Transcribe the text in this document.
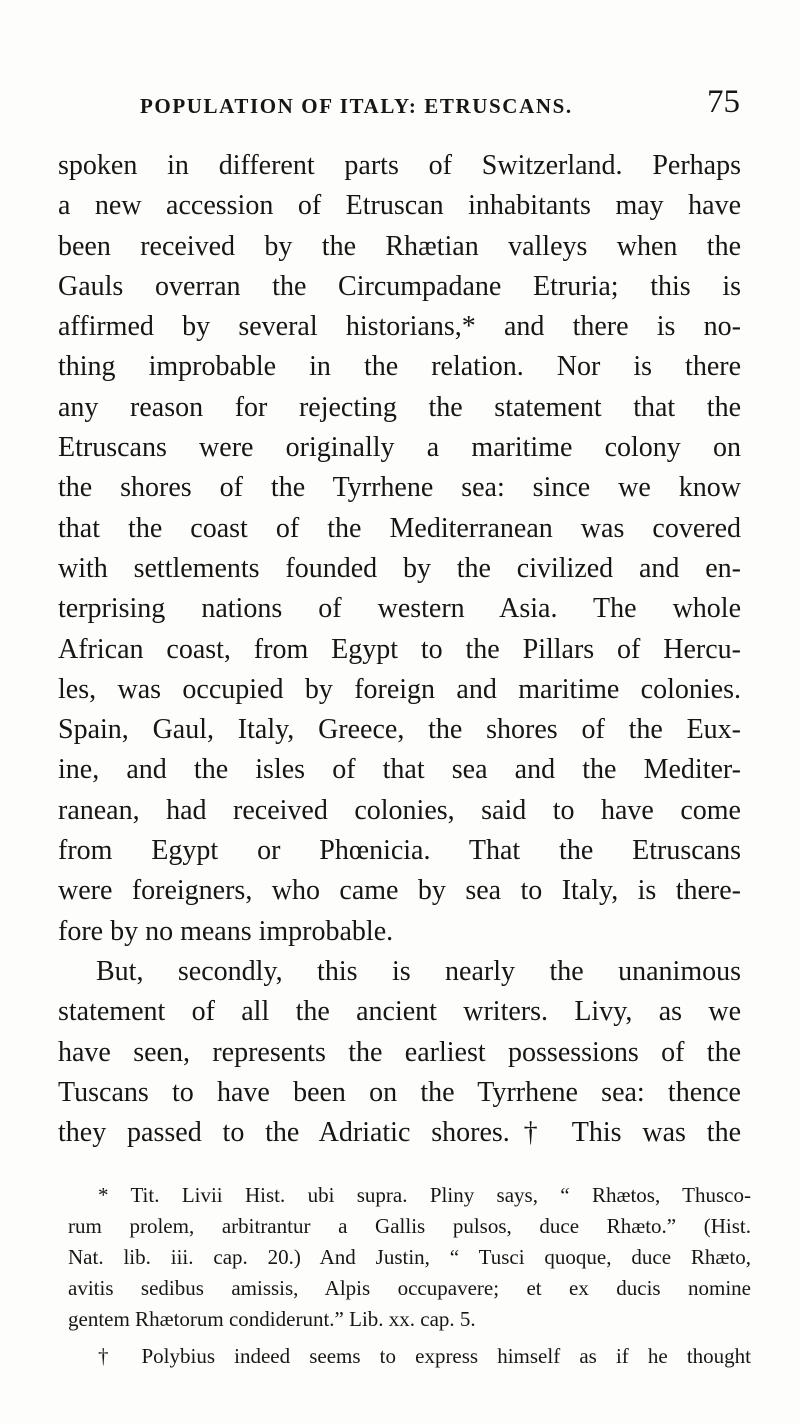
POPULATION OF ITALY: ETRUSCANS.	75
spoken in different parts of Switzerland. Perhaps
a new accession of Etruscan inhabitants may have
been received by the Rhætian valleys when the
Gauls overran the Circumpadane Etruria; this is
affirmed by several historians,* and there is no-
thing improbable in the relation. Nor is there
any reason for rejecting the statement that the
Etruscans were originally a maritime colony on
the shores of the Tyrrhene sea: since we know
that the coast of the Mediterranean was covered
with settlements founded by the civilized and en-
terprising nations of western Asia. The whole
African coast, from Egypt to the Pillars of Hercu-
les, was occupied by foreign and maritime colonies.
Spain, Gaul, Italy, Greece, the shores of the Eux-
ine, and the isles of that sea and the Mediter-
ranean, had received colonies, said to have come
from Egypt or Phœnicia. That the Etruscans
were foreigners, who came by sea to Italy, is there-
fore by no means improbable.
But, secondly, this is nearly the unanimous
statement of all the ancient writers. Livy, as we
have seen, represents the earliest possessions of the
Tuscans to have been on the Tyrrhene sea: thence
they passed to the Adriatic shores.† This was the
* Tit. Livii Hist. ubi supra. Pliny says, “ Rhætos, Thusco-
rum prolem, arbitrantur a Gallis pulsos, duce Rhæto.” (Hist.
Nat. lib. iii. cap. 20.) And Justin, “ Tusci quoque, duce Rhæto,
avitis sedibus amissis, Alpis occupavere; et ex ducis nomine
gentem Rhætorum condiderunt.” Lib. xx. cap. 5.
† Polybius indeed seems to express himself as if he thought
